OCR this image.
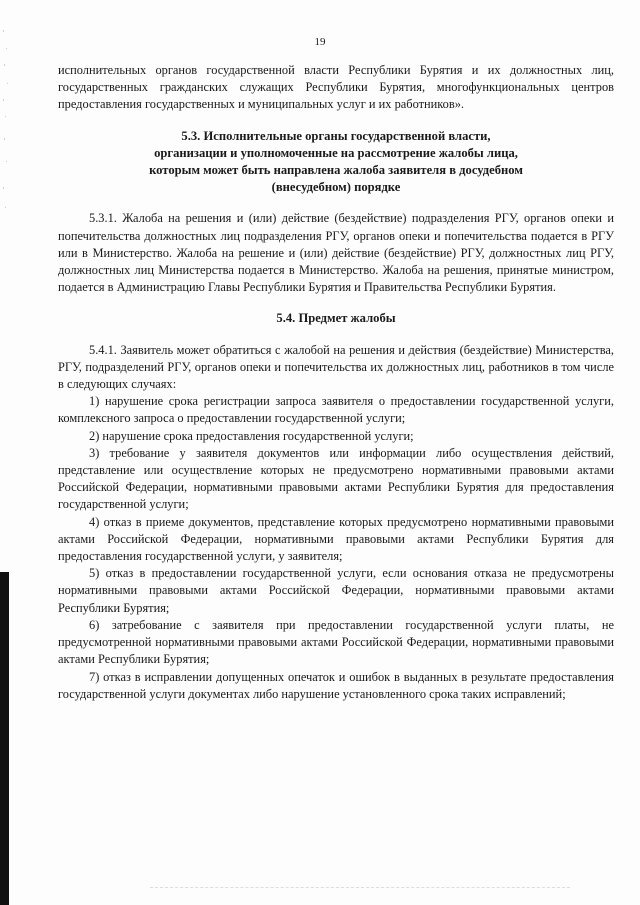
19

исполнительных органов государственной власти Республики Бурятия и их должностных лиц, государственных гражданских служащих Республики Бурятия, многофункциональных центров предоставления государственных и муниципальных услуг и их работников».

5.3. Исполнительные органы государственной власти,

организации и уполномоченные на рассмотрение жалобы лица,

которым может быть направлена жалоба заявителя в досудебном

(внесудебном) порядке

5.3.1. Жалоба на решения и (или) действие (бездействие) подразделения РГУ, органов опеки и попечительства должностных лиц подразделения РГУ, органов опеки и попечительства подается в РГУ или в Министерство. Жалоба на решение и (или) действие (бездействие) РГУ, должностных лиц РГУ, должностных лиц Министерства подается в Министерство. Жалоба на решения, принятые министром, подается в Администрацию Главы Республики Бурятия и Правительства Республики Бурятия.

5.4. Предмет жалобы

5.4.1. Заявитель может обратиться с жалобой на решения и действия (бездействие) Министерства, РГУ, подразделений РГУ, органов опеки и попечительства их должностных лиц, работников в том числе в следующих случаях:

1) нарушение срока регистрации запроса заявителя о предоставлении государственной услуги, комплексного запроса о предоставлении государственной услуги;

2) нарушение срока предоставления государственной услуги;

3) требование у заявителя документов или информации либо осуществления действий, представление или осуществление которых не предусмотрено нормативными правовыми актами Российской Федерации, нормативными правовыми актами Республики Бурятия для предоставления государственной услуги;

4) отказ в приеме документов, представление которых предусмотрено нормативными правовыми актами Российской Федерации, нормативными правовыми актами Республики Бурятия для предоставления государственной услуги, у заявителя;

5) отказ в предоставлении государственной услуги, если основания отказа не предусмотрены нормативными правовыми актами Российской Федерации, нормативными правовыми актами Республики Бурятия;

6) затребование с заявителя при предоставлении государственной услуги платы, не предусмотренной нормативными правовыми актами Российской Федерации, нормативными правовыми актами Республики Бурятия;

7) отказ в исправлении допущенных опечаток и ошибок в выданных в результате предоставления государственной услуги документах либо нарушение установленного срока таких исправлений;
